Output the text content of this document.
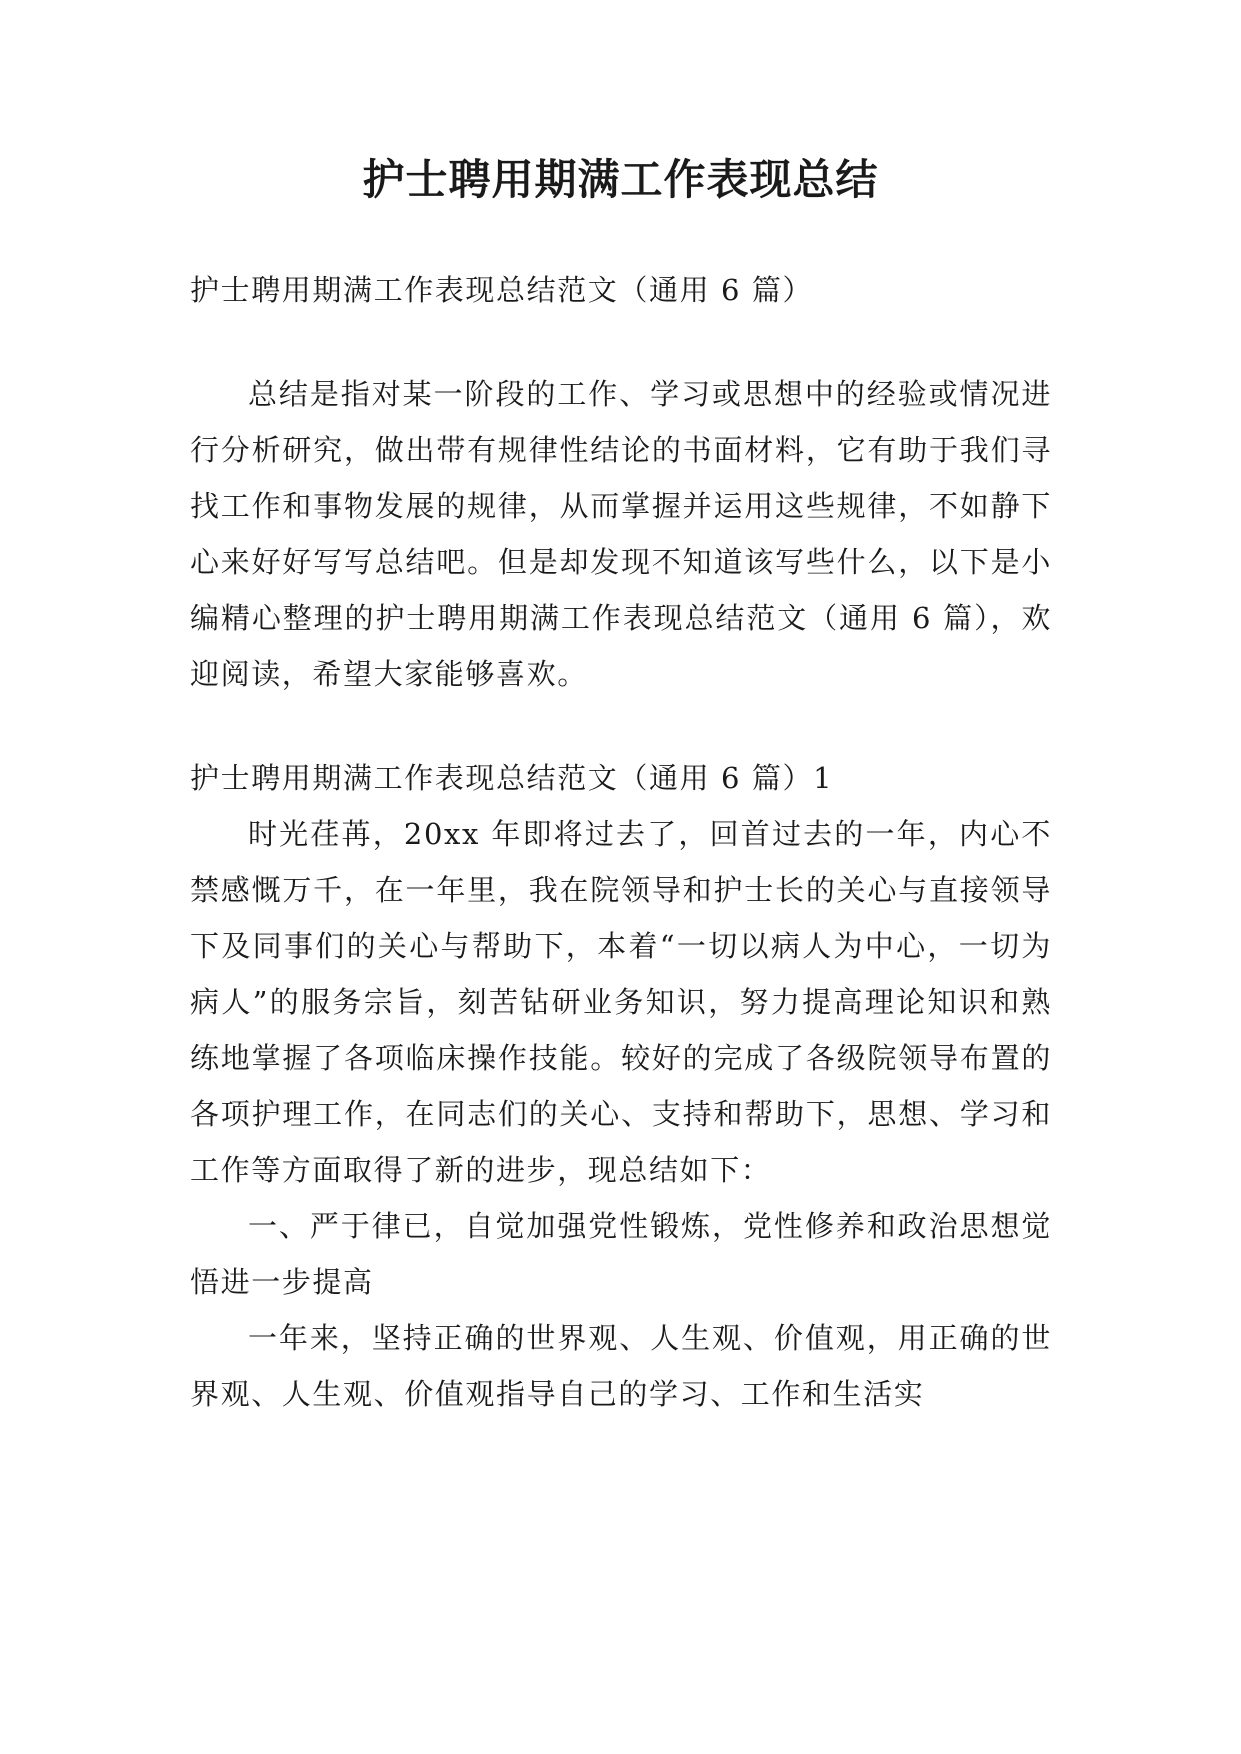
护士聘用期满工作表现总结

护士聘用期满工作表现总结范文（通用 6 篇）

总结是指对某一阶段的工作、学习或思想中的经验或情况进行分析研究，做出带有规律性结论的书面材料，它有助于我们寻找工作和事物发展的规律，从而掌握并运用这些规律，不如静下心来好好写写总结吧。但是却发现不知道该写些什么，以下是小编精心整理的护士聘用期满工作表现总结范文（通用 6 篇），欢迎阅读，希望大家能够喜欢。

护士聘用期满工作表现总结范文（通用 6 篇）1

时光荏苒，20xx 年即将过去了，回首过去的一年，内心不禁感慨万千，在一年里，我在院领导和护士长的关心与直接领导下及同事们的关心与帮助下，本着“一切以病人为中心，一切为病人”的服务宗旨，刻苦钻研业务知识，努力提高理论知识和熟练地掌握了各项临床操作技能。较好的完成了各级院领导布置的各项护理工作，在同志们的关心、支持和帮助下，思想、学习和工作等方面取得了新的进步，现总结如下：

一、严于律已，自觉加强党性锻炼，党性修养和政治思想觉悟进一步提高

一年来，坚持正确的世界观、人生观、价值观，用正确的世界观、人生观、价值观指导自己的学习、工作和生活实
